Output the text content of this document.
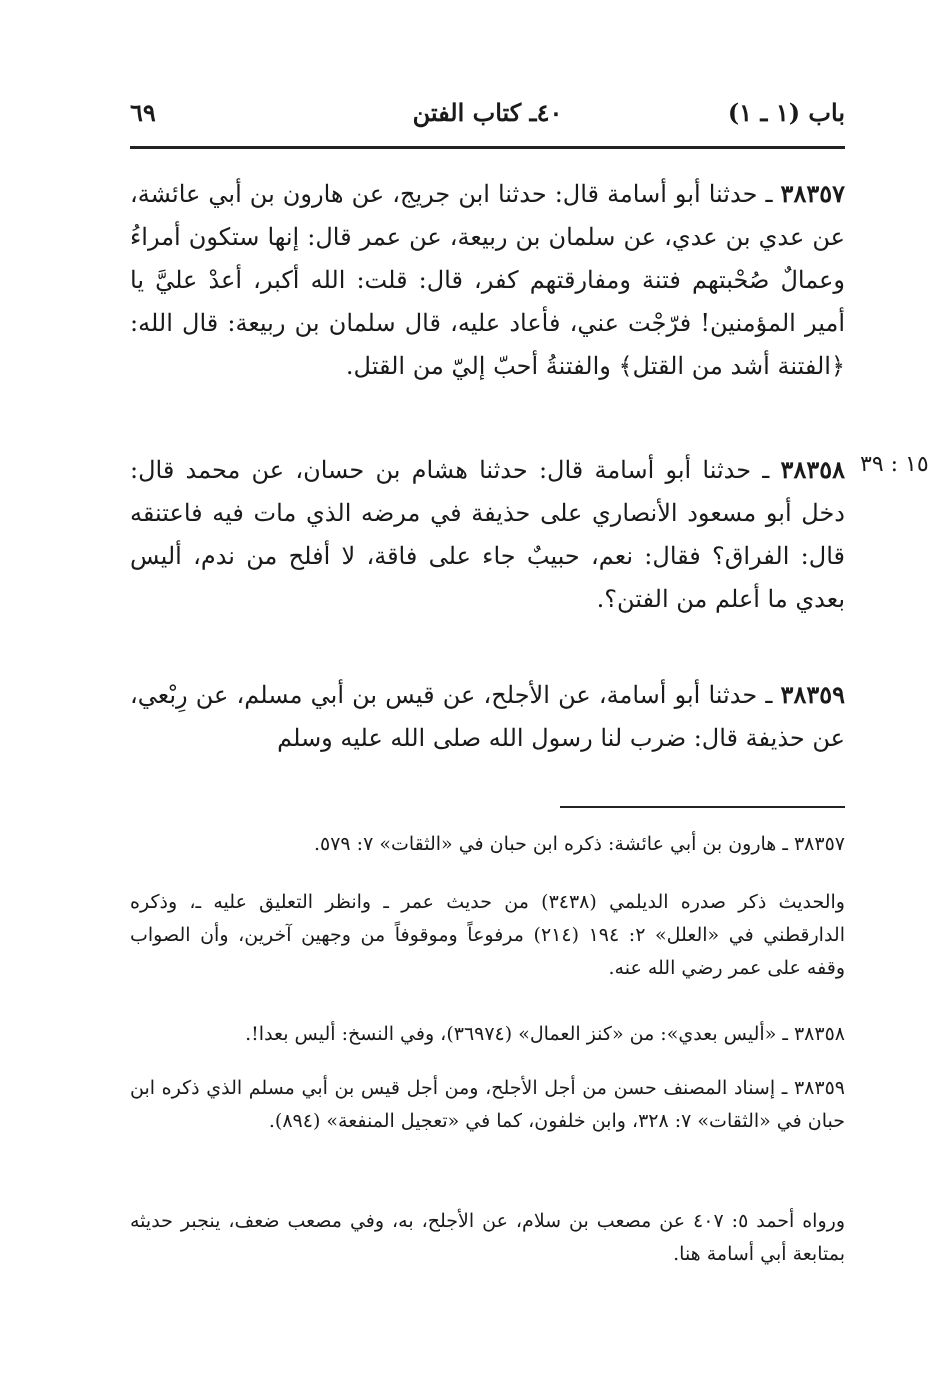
باب (١ ـ ١)
٤٠ـ كتاب الفتن
٦٩

٣٨٣٥٧ ـ حدثنا أبو أسامة قال: حدثنا ابن جريج، عن هارون بن أبي عائشة، عن عدي بن عدي، عن سلمان بن ربيعة، عن عمر قال: إنها ستكون أمراءُ وعمالٌ صُحْبتهم فتنة ومفارقتهم كفر، قال: قلت: الله أكبر، أعدْ عليَّ يا أمير المؤمنين! فرّجْت عني، فأعاد عليه، قال سلمان بن ربيعة: قال الله: ﴿الفتنة أشد من القتل﴾ والفتنةُ أحبّ إليّ من القتل.

١٥ : ٣٩

٣٨٣٥٨ ـ حدثنا أبو أسامة قال: حدثنا هشام بن حسان، عن محمد قال: دخل أبو مسعود الأنصاري على حذيفة في مرضه الذي مات فيه فاعتنقه قال: الفراق؟ فقال: نعم، حبيبٌ جاء على فاقة، لا أفلح من ندم، أليس بعدي ما أعلم من الفتن؟.

٣٨٣٥٩ ـ حدثنا أبو أسامة، عن الأجلح، عن قيس بن أبي مسلم، عن رِبْعي، عن حذيفة قال: ضرب لنا رسول الله صلى الله عليه وسلم

٣٨٣٥٧ ـ هارون بن أبي عائشة: ذكره ابن حبان في «الثقات» ٧: ٥٧٩.

والحديث ذكر صدره الديلمي (٣٤٣٨) من حديث عمر ـ وانظر التعليق عليه ـ، وذكره الدارقطني في «العلل» ٢: ١٩٤ (٢١٤) مرفوعاً وموقوفاً من وجهين آخرين، وأن الصواب وقفه على عمر رضي الله عنه.

٣٨٣٥٨ ـ «أليس بعدي»: من «كنز العمال» (٣٦٩٧٤)، وفي النسخ: أليس بعدا!.

٣٨٣٥٩ ـ إسناد المصنف حسن من أجل الأجلح، ومن أجل قيس بن أبي مسلم الذي ذكره ابن حبان في «الثقات» ٧: ٣٢٨، وابن خلفون، كما في «تعجيل المنفعة» (٨٩٤).

ورواه أحمد ٥: ٤٠٧ عن مصعب بن سلام، عن الأجلح، به، وفي مصعب ضعف، ينجبر حديثه بمتابعة أبي أسامة هنا.
